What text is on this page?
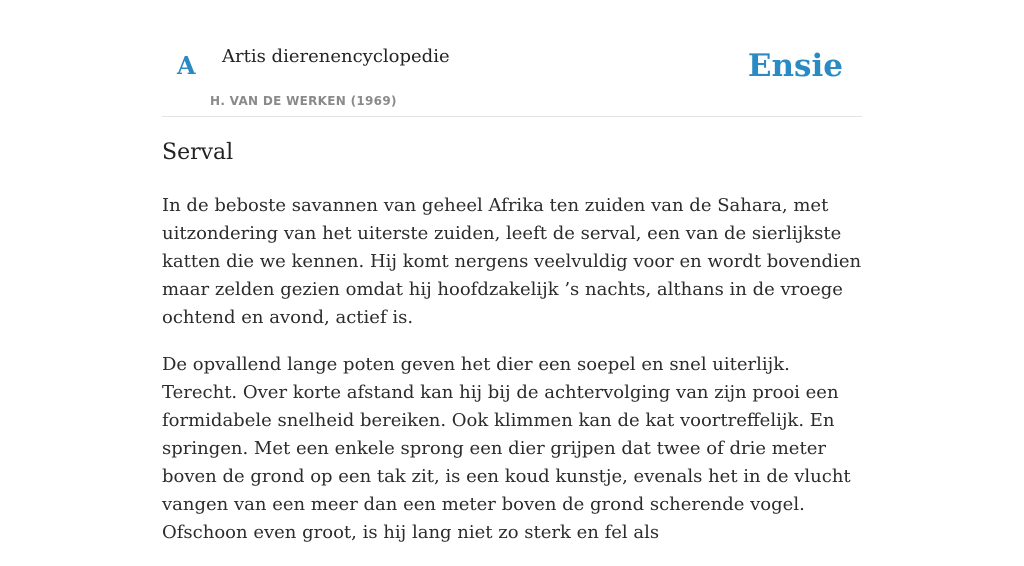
A Artis dierenencyclopedie
H. VAN DE WERKEN (1969)
Ensie
Serval

In de beboste savannen van geheel Afrika ten zuiden van de Sahara, met uitzondering van het uiterste zuiden, leeft de serval, een van de sierlijkste katten die we kennen. Hij komt nergens veelvuldig voor en wordt bovendien maar zelden gezien omdat hij hoofdzakelijk ’s nachts, althans in de vroege ochtend en avond, actief is.

De opvallend lange poten geven het dier een soepel en snel uiterlijk. Terecht. Over korte afstand kan hij bij de achtervolging van zijn prooi een formidabele snelheid bereiken. Ook klimmen kan de kat voortreffelijk. En springen. Met een enkele sprong een dier grijpen dat twee of drie meter boven de grond op een tak zit, is een koud kunstje, evenals het in de vlucht vangen van een meer dan een meter boven de grond scherende vogel. Ofschoon even groot, is hij lang niet zo sterk en fel als
